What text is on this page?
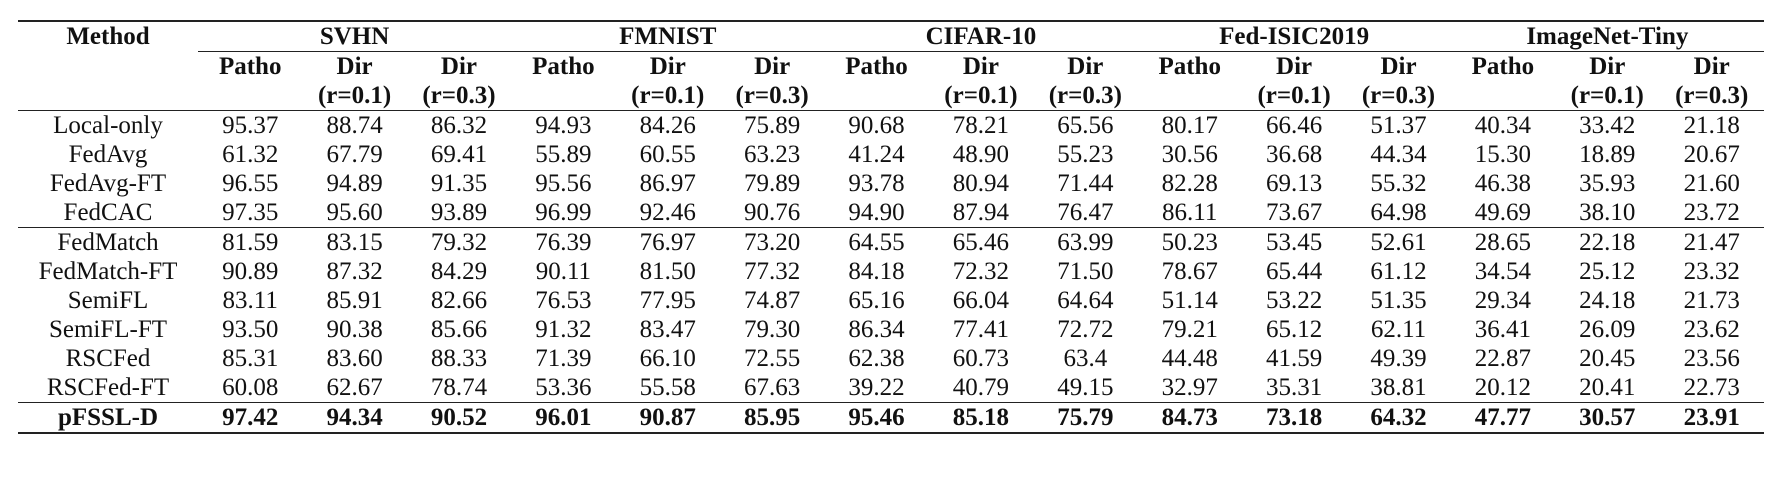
Method	SVHN			FMNIST			CIFAR-10			Fed-ISIC2019			ImageNet-Tiny		
	Patho	Dir	Dir	Patho	Dir	Dir	Patho	Dir	Dir	Patho	Dir	Dir	Patho	Dir	Dir
		(r=0.1)	(r=0.3)		(r=0.1)	(r=0.3)		(r=0.1)	(r=0.3)		(r=0.1)	(r=0.3)		(r=0.1)	(r=0.3)
Local-only	95.37	88.74	86.32	94.93	84.26	75.89	90.68	78.21	65.56	80.17	66.46	51.37	40.34	33.42	21.18
FedAvg	61.32	67.79	69.41	55.89	60.55	63.23	41.24	48.90	55.23	30.56	36.68	44.34	15.30	18.89	20.67
FedAvg-FT	96.55	94.89	91.35	95.56	86.97	79.89	93.78	80.94	71.44	82.28	69.13	55.32	46.38	35.93	21.60
FedCAC	97.35	95.60	93.89	96.99	92.46	90.76	94.90	87.94	76.47	86.11	73.67	64.98	49.69	38.10	23.72
FedMatch	81.59	83.15	79.32	76.39	76.97	73.20	64.55	65.46	63.99	50.23	53.45	52.61	28.65	22.18	21.47
FedMatch-FT	90.89	87.32	84.29	90.11	81.50	77.32	84.18	72.32	71.50	78.67	65.44	61.12	34.54	25.12	23.32
SemiFL	83.11	85.91	82.66	76.53	77.95	74.87	65.16	66.04	64.64	51.14	53.22	51.35	29.34	24.18	21.73
SemiFL-FT	93.50	90.38	85.66	91.32	83.47	79.30	86.34	77.41	72.72	79.21	65.12	62.11	36.41	26.09	23.62
RSCFed	85.31	83.60	88.33	71.39	66.10	72.55	62.38	60.73	63.4	44.48	41.59	49.39	22.87	20.45	23.56
RSCFed-FT	60.08	62.67	78.74	53.36	55.58	67.63	39.22	40.79	49.15	32.97	35.31	38.81	20.12	20.41	22.73
pFSSL-D	97.42	94.34	90.52	96.01	90.87	85.95	95.46	85.18	75.79	84.73	73.18	64.32	47.77	30.57	23.91
